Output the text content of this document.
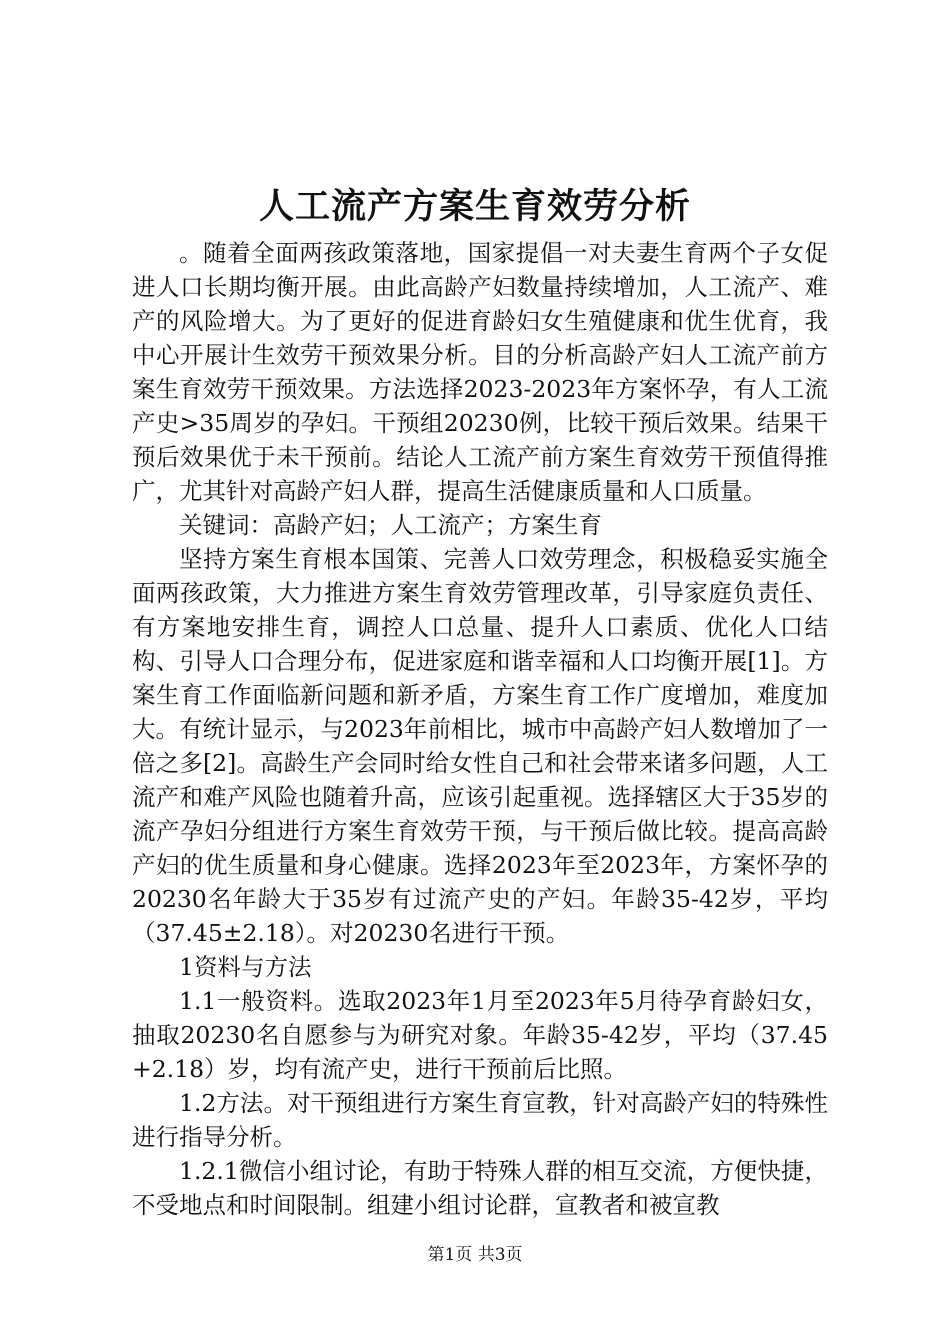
人工流产方案生育效劳分析

。随着全面两孩政策落地，国家提倡一对夫妻生育两个子女促进人口长期均衡开展。由此高龄产妇数量持续增加，人工流产、难产的风险增大。为了更好的促进育龄妇女生殖健康和优生优育，我中心开展计生效劳干预效果分析。目的分析高龄产妇人工流产前方案生育效劳干预效果。方法选择2023-2023年方案怀孕，有人工流产史>35周岁的孕妇。干预组20230例，比较干预后效果。结果干预后效果优于未干预前。结论人工流产前方案生育效劳干预值得推广，尤其针对高龄产妇人群，提高生活健康质量和人口质量。

关键词：高龄产妇；人工流产；方案生育

坚持方案生育根本国策、完善人口效劳理念，积极稳妥实施全面两孩政策，大力推进方案生育效劳管理改革，引导家庭负责任、有方案地安排生育，调控人口总量、提升人口素质、优化人口结构、引导人口合理分布，促进家庭和谐幸福和人口均衡开展[1]。方案生育工作面临新问题和新矛盾，方案生育工作广度增加，难度加大。有统计显示，与2023年前相比，城市中高龄产妇人数增加了一倍之多[2]。高龄生产会同时给女性自己和社会带来诸多问题，人工流产和难产风险也随着升高，应该引起重视。选择辖区大于35岁的流产孕妇分组进行方案生育效劳干预，与干预后做比较。提高高龄产妇的优生质量和身心健康。选择2023年至2023年，方案怀孕的20230名年龄大于35岁有过流产史的产妇。年龄35-42岁，平均（37.45±2.18）。对20230名进行干预。

1资料与方法

1.1一般资料。选取2023年1月至2023年5月待孕育龄妇女，抽取20230名自愿参与为研究对象。年龄35-42岁，平均（37.45+2.18）岁，均有流产史，进行干预前后比照。

1.2方法。对干预组进行方案生育宣教，针对高龄产妇的特殊性进行指导分析。

1.2.1微信小组讨论，有助于特殊人群的相互交流，方便快捷，不受地点和时间限制。组建小组讨论群，宣教者和被宣教

第1页 共3页
